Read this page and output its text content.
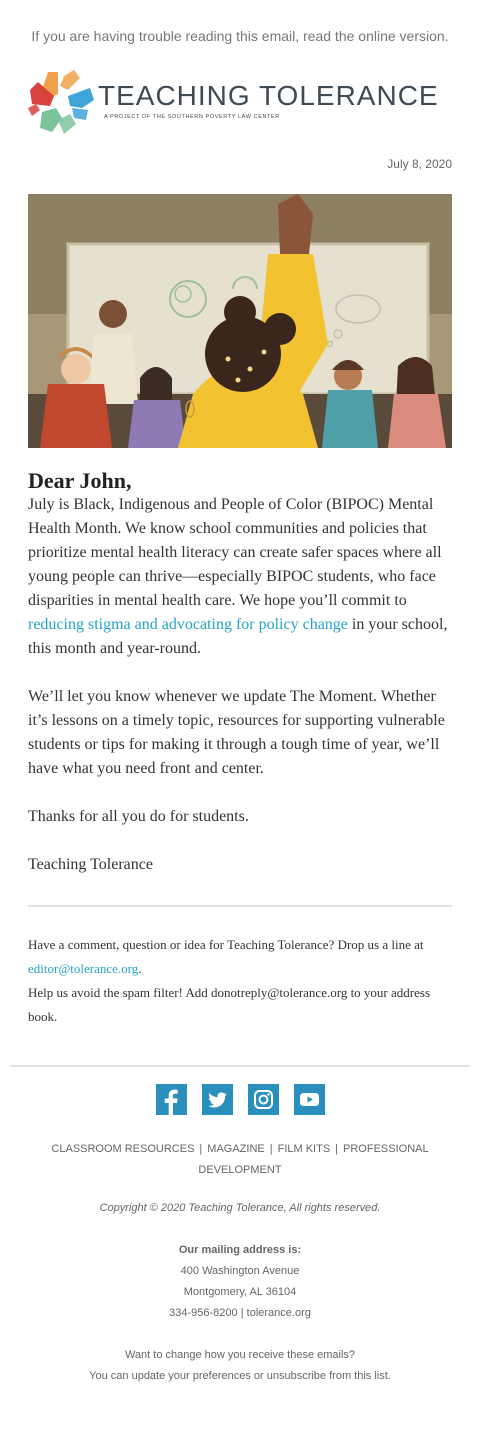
If you are having trouble reading this email, read the online version.
TEACHING TOLERANCE
A PROJECT OF THE SOUTHERN POVERTY LAW CENTER
July 8, 2020
Dear John,
July is Black, Indigenous and People of Color (BIPOC) Mental Health Month. We know school communities and policies that prioritize mental health literacy can create safer spaces where all young people can thrive—especially BIPOC students, who face disparities in mental health care. We hope you’ll commit to reducing stigma and advocating for policy change in your school, this month and year-round.
We’ll let you know whenever we update The Moment. Whether it’s lessons on a timely topic, resources for supporting vulnerable students or tips for making it through a tough time of year, we’ll have what you need front and center.
Thanks for all you do for students.
Teaching Tolerance
Have a comment, question or idea for Teaching Tolerance? Drop us a line at editor@tolerance.org.
Help us avoid the spam filter! Add donotreply@tolerance.org to your address book.
CLASSROOM RESOURCES | MAGAZINE | FILM KITS | PROFESSIONAL DEVELOPMENT
Copyright © 2020 Teaching Tolerance, All rights reserved.
Our mailing address is:
400 Washington Avenue
Montgomery, AL 36104
334-956-8200 | tolerance.org
Want to change how you receive these emails?
You can update your preferences or unsubscribe from this list.
